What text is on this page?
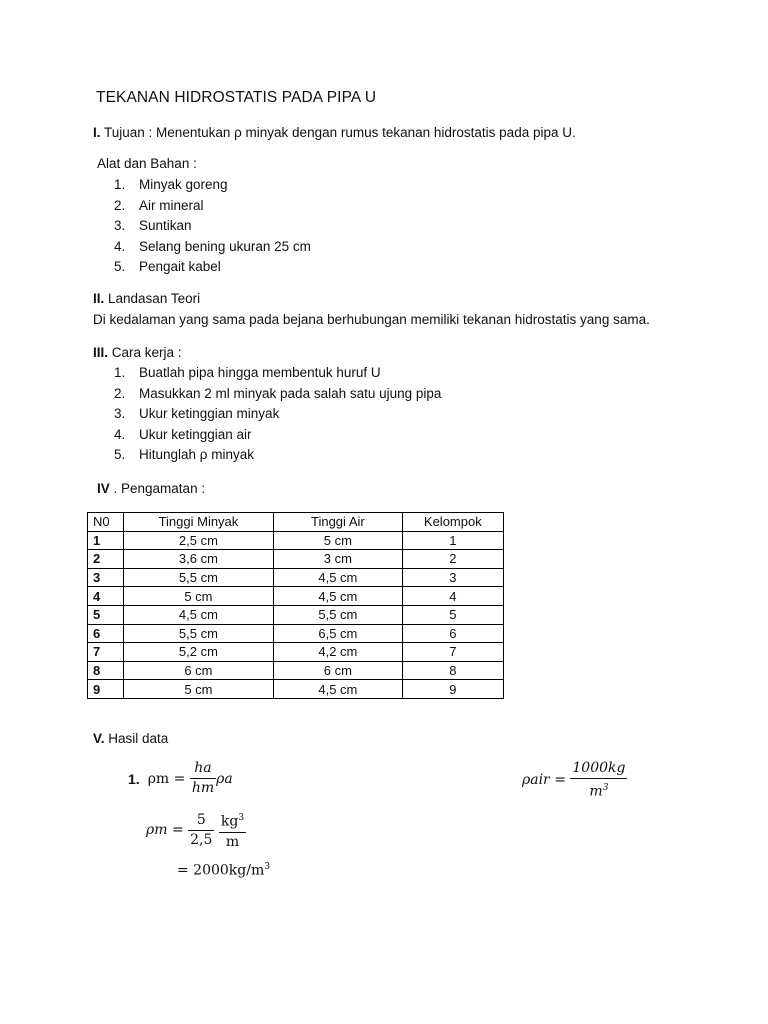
TEKANAN HIDROSTATIS PADA PIPA U
I. Tujuan : Menentukan ρ minyak dengan rumus tekanan hidrostatis pada pipa U.
Alat dan Bahan :
1. Minyak goreng
2. Air mineral
3. Suntikan
4. Selang bening ukuran 25 cm
5. Pengait kabel
II. Landasan Teori
Di kedalaman yang sama pada bejana berhubungan memiliki tekanan hidrostatis yang sama.
III. Cara kerja :
1. Buatlah pipa hingga membentuk huruf U
2. Masukkan 2 ml minyak pada salah satu ujung pipa
3. Ukur ketinggian minyak
4. Ukur ketinggian air
5. Hitunglah ρ minyak
IV . Pengamatan :
N0	Tinggi Minyak	Tinggi Air	Kelompok
1	2,5 cm	5 cm	1
2	3,6 cm	3 cm	2
3	5,5 cm	4,5 cm	3
4	5 cm	4,5 cm	4
5	4,5 cm	5,5 cm	5
6	5,5 cm	6,5 cm	6
7	5,2 cm	4,2 cm	7
8	6 cm	6 cm	8
9	5 cm	4,5 cm	9
V. Hasil data
1. $\rho m = \frac{ha}{hm}$ ρa	$\rho air = \frac{1000kg}{m^3}$
$\rho m = \frac{5}{2,5}$
$\frac{kg^3}{m}$
= $2000kg/m^3$
